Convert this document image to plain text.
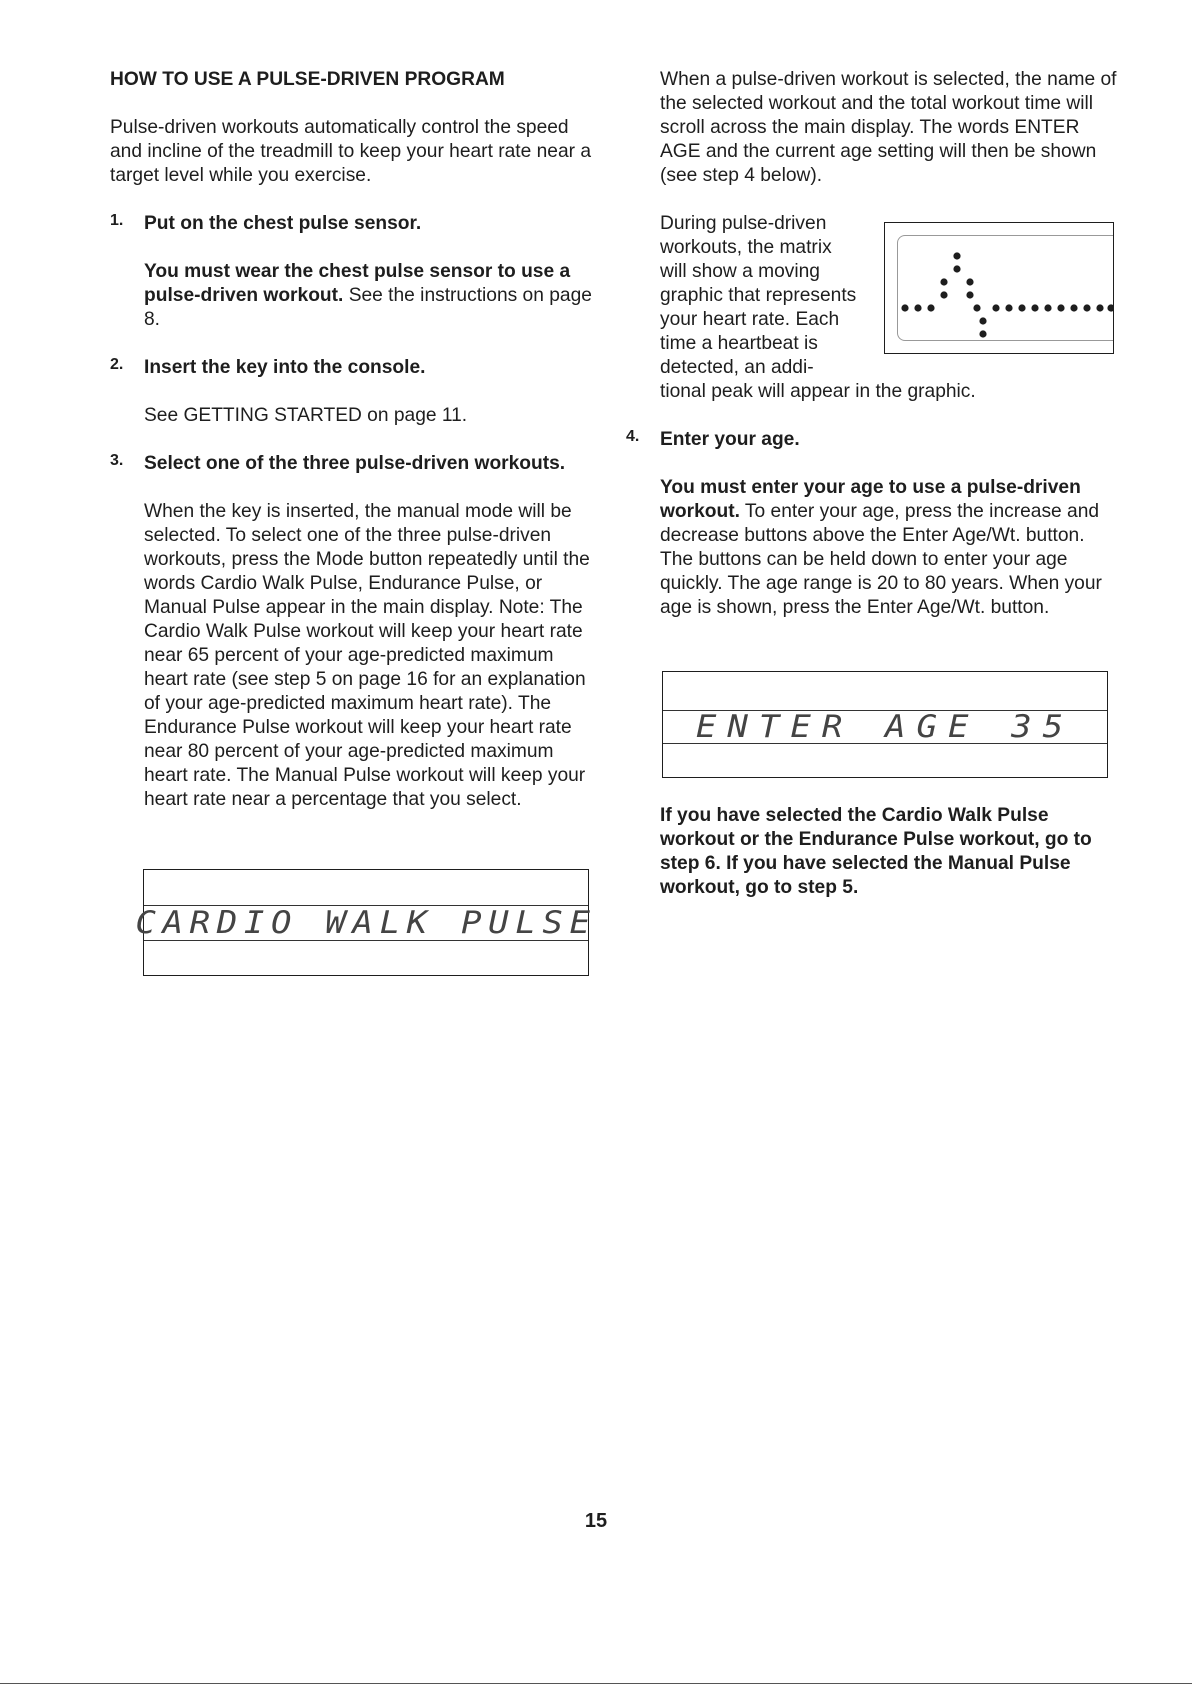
HOW TO USE A PULSE-DRIVEN PROGRAM

Pulse-driven workouts automatically control the speed and incline of the treadmill to keep your heart rate near a target level while you exercise.

1. Put on the chest pulse sensor.

You must wear the chest pulse sensor to use a pulse-driven workout. See the instructions on page 8.

2. Insert the key into the console.

See GETTING STARTED on page 11.

3. Select one of the three pulse-driven workouts.

When the key is inserted, the manual mode will be selected. To select one of the three pulse-driven workouts, press the Mode button repeatedly until the words Cardio Walk Pulse, Endurance Pulse, or Manual Pulse appear in the main display. Note: The Cardio Walk Pulse workout will keep your heart rate near 65 percent of your age-predicted maximum heart rate (see step 5 on page 16 for an explanation of your age-predicted maximum heart rate). The Endurance Pulse workout will keep your heart rate near 80 percent of your age-predicted maximum heart rate. The Manual Pulse workout will keep your heart rate near a percentage that you select.

CARDIO WALK PULSE

When a pulse-driven workout is selected, the name of the selected workout and the total workout time will scroll across the main display. The words ENTER AGE and the current age setting will then be shown (see step 4 below).

During pulse-driven workouts, the matrix will show a moving graphic that represents your heart rate. Each time a heartbeat is detected, an addi-

tional peak will appear in the graphic.

4. Enter your age.

You must enter your age to use a pulse-driven workout. To enter your age, press the increase and decrease buttons above the Enter Age/Wt. button. The buttons can be held down to enter your age quickly. The age range is 20 to 80 years. When your age is shown, press the Enter Age/Wt. button.

ENTER AGE 35

If you have selected the Cardio Walk Pulse workout or the Endurance Pulse workout, go to step 6. If you have selected the Manual Pulse workout, go to step 5.

15
